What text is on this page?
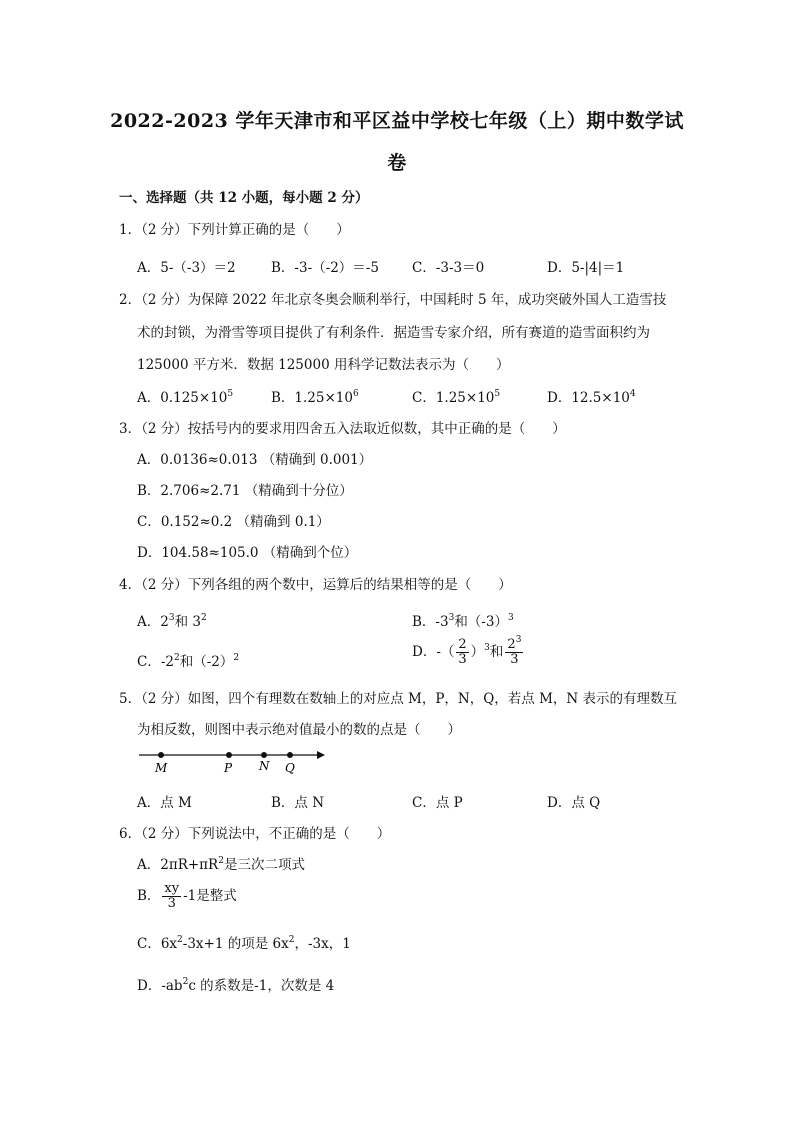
2022-2023 学年天津市和平区益中学校七年级（上）期中数学试
卷
一、选择题（共 12 小题，每小题 2 分）
1．（2 分）下列计算正确的是（　　）
A．5-（-3）＝2	B．-3-（-2）＝-5 C．-3-3＝0	D．5-|4|＝1
2．（2 分）为保障 2022 年北京冬奥会顺利举行，中国耗时 5 年，成功突破外国人工造雪技
术的封锁，为滑雪等项目提供了有利条件．据造雪专家介绍，所有赛道的造雪面积约为
125000 平方米．数据 125000 用科学记数法表示为（　　）
A．$0.125\times 10^5$	B．$1.25\times 10^6$	C．$1.25\times 10^5$	D．$12.5\times 10^4$
3．（2 分）按括号内的要求用四舍五入法取近似数，其中正确的是（　　）
A．0.0136≈0.013 （精确到 0.001）
B．2.706≈2.71 （精确到十分位）
C．0.152≈0.2 （精确到 0.1）
D．104.58≈105.0 （精确到个位）
4．（2 分）下列各组的两个数中，运算后的结果相等的是（　　）
A．$2^3$和 $3^2$	B．$-3^3$和$(-3)^3$
C．$-2^2$和$(-2)^2$	D．-（ $\frac{2}{3} )^3$和 $\frac{2^3}{3}$
5．（2 分）如图，四个有理数在数轴上的对应点 M，P，N，Q，若点 M，N 表示的有理数互
为相反数，则图中表示绝对值最小的数的点是（　　）
M	P N Q
A．点 M	B．点 N	C．点 P	D．点 Q
6．（2 分）下列说法中，不正确的是（　　）
A．$2\pi R+\pi R^2$是三次二项式
B． $\frac{xy}{3} -1$是整式
C．$6x^2-3x+1$ 的项是 $6x^2$，-3x，1
D．$-ab^2c$ 的系数是-1，次数是 4
